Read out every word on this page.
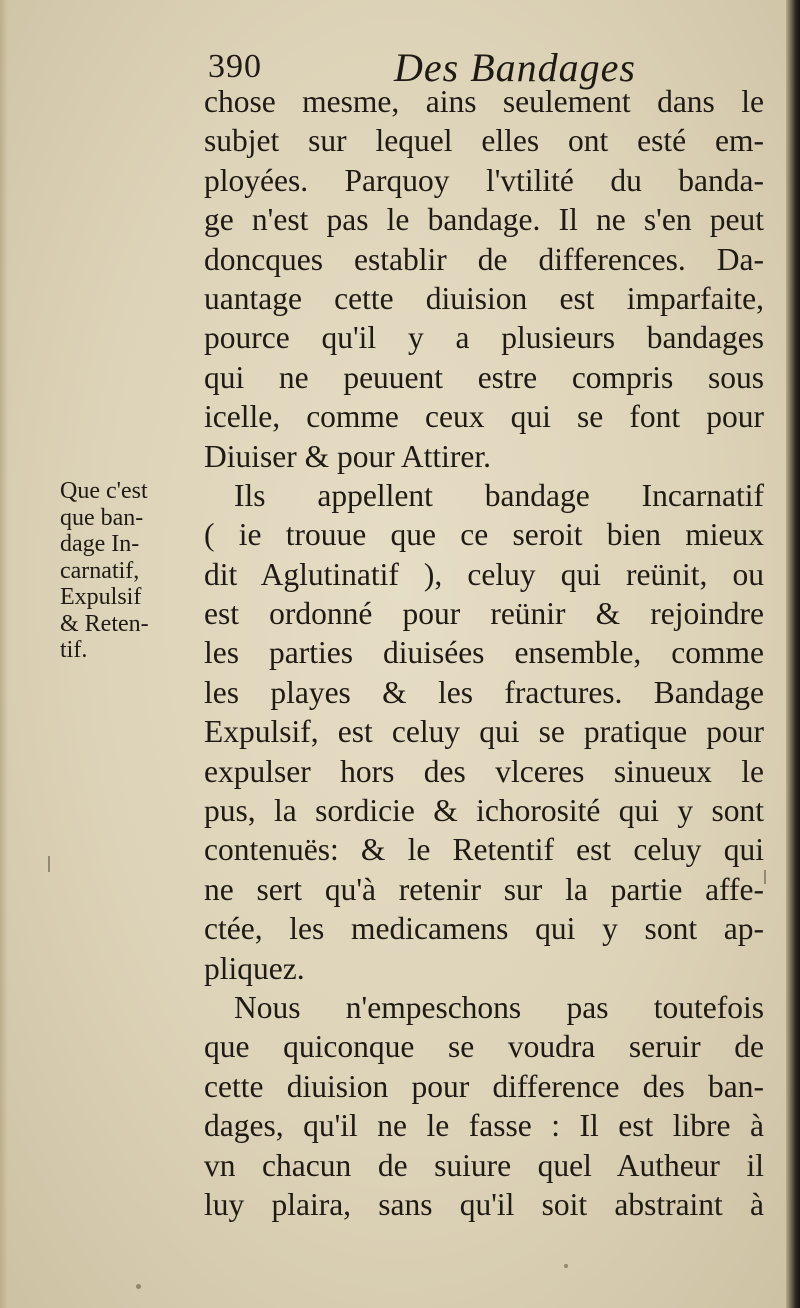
390	Des Bandages
Que c'est
que ban-
dage In-
carnatif,
Expulsif
& Reten-
tif.
chose mesme, ains seulement dans le
subjet sur lequel elles ont esté em-
ployées. Parquoy l'vtilité du banda-
ge n'est pas le bandage. Il ne s'en peut
doncques establir de differences. Da-
uantage cette diuision est imparfaite,
pource qu'il y a plusieurs bandages
qui ne peuuent estre compris sous
icelle, comme ceux qui se font pour
Diuiser & pour Attirer.
Ils appellent bandage Incarnatif
( ie trouue que ce seroit bien mieux
dit Aglutinatif ), celuy qui reünit, ou
est ordonné pour reünir & rejoindre
les parties diuisées ensemble, comme
les playes & les fractures. Bandage
Expulsif, est celuy qui se pratique pour
expulser hors des vlceres sinueux le
pus, la sordicie & ichorosité qui y sont
contenuës: & le Retentif est celuy qui
ne sert qu'à retenir sur la partie affe-
ctée, les medicamens qui y sont ap-
pliquez.
Nous n'empeschons pas toutefois
que quiconque se voudra seruir de
cette diuision pour difference des ban-
dages, qu'il ne le fasse : Il est libre à
vn chacun de suiure quel Autheur il
luy plaira, sans qu'il soit abstraint à
